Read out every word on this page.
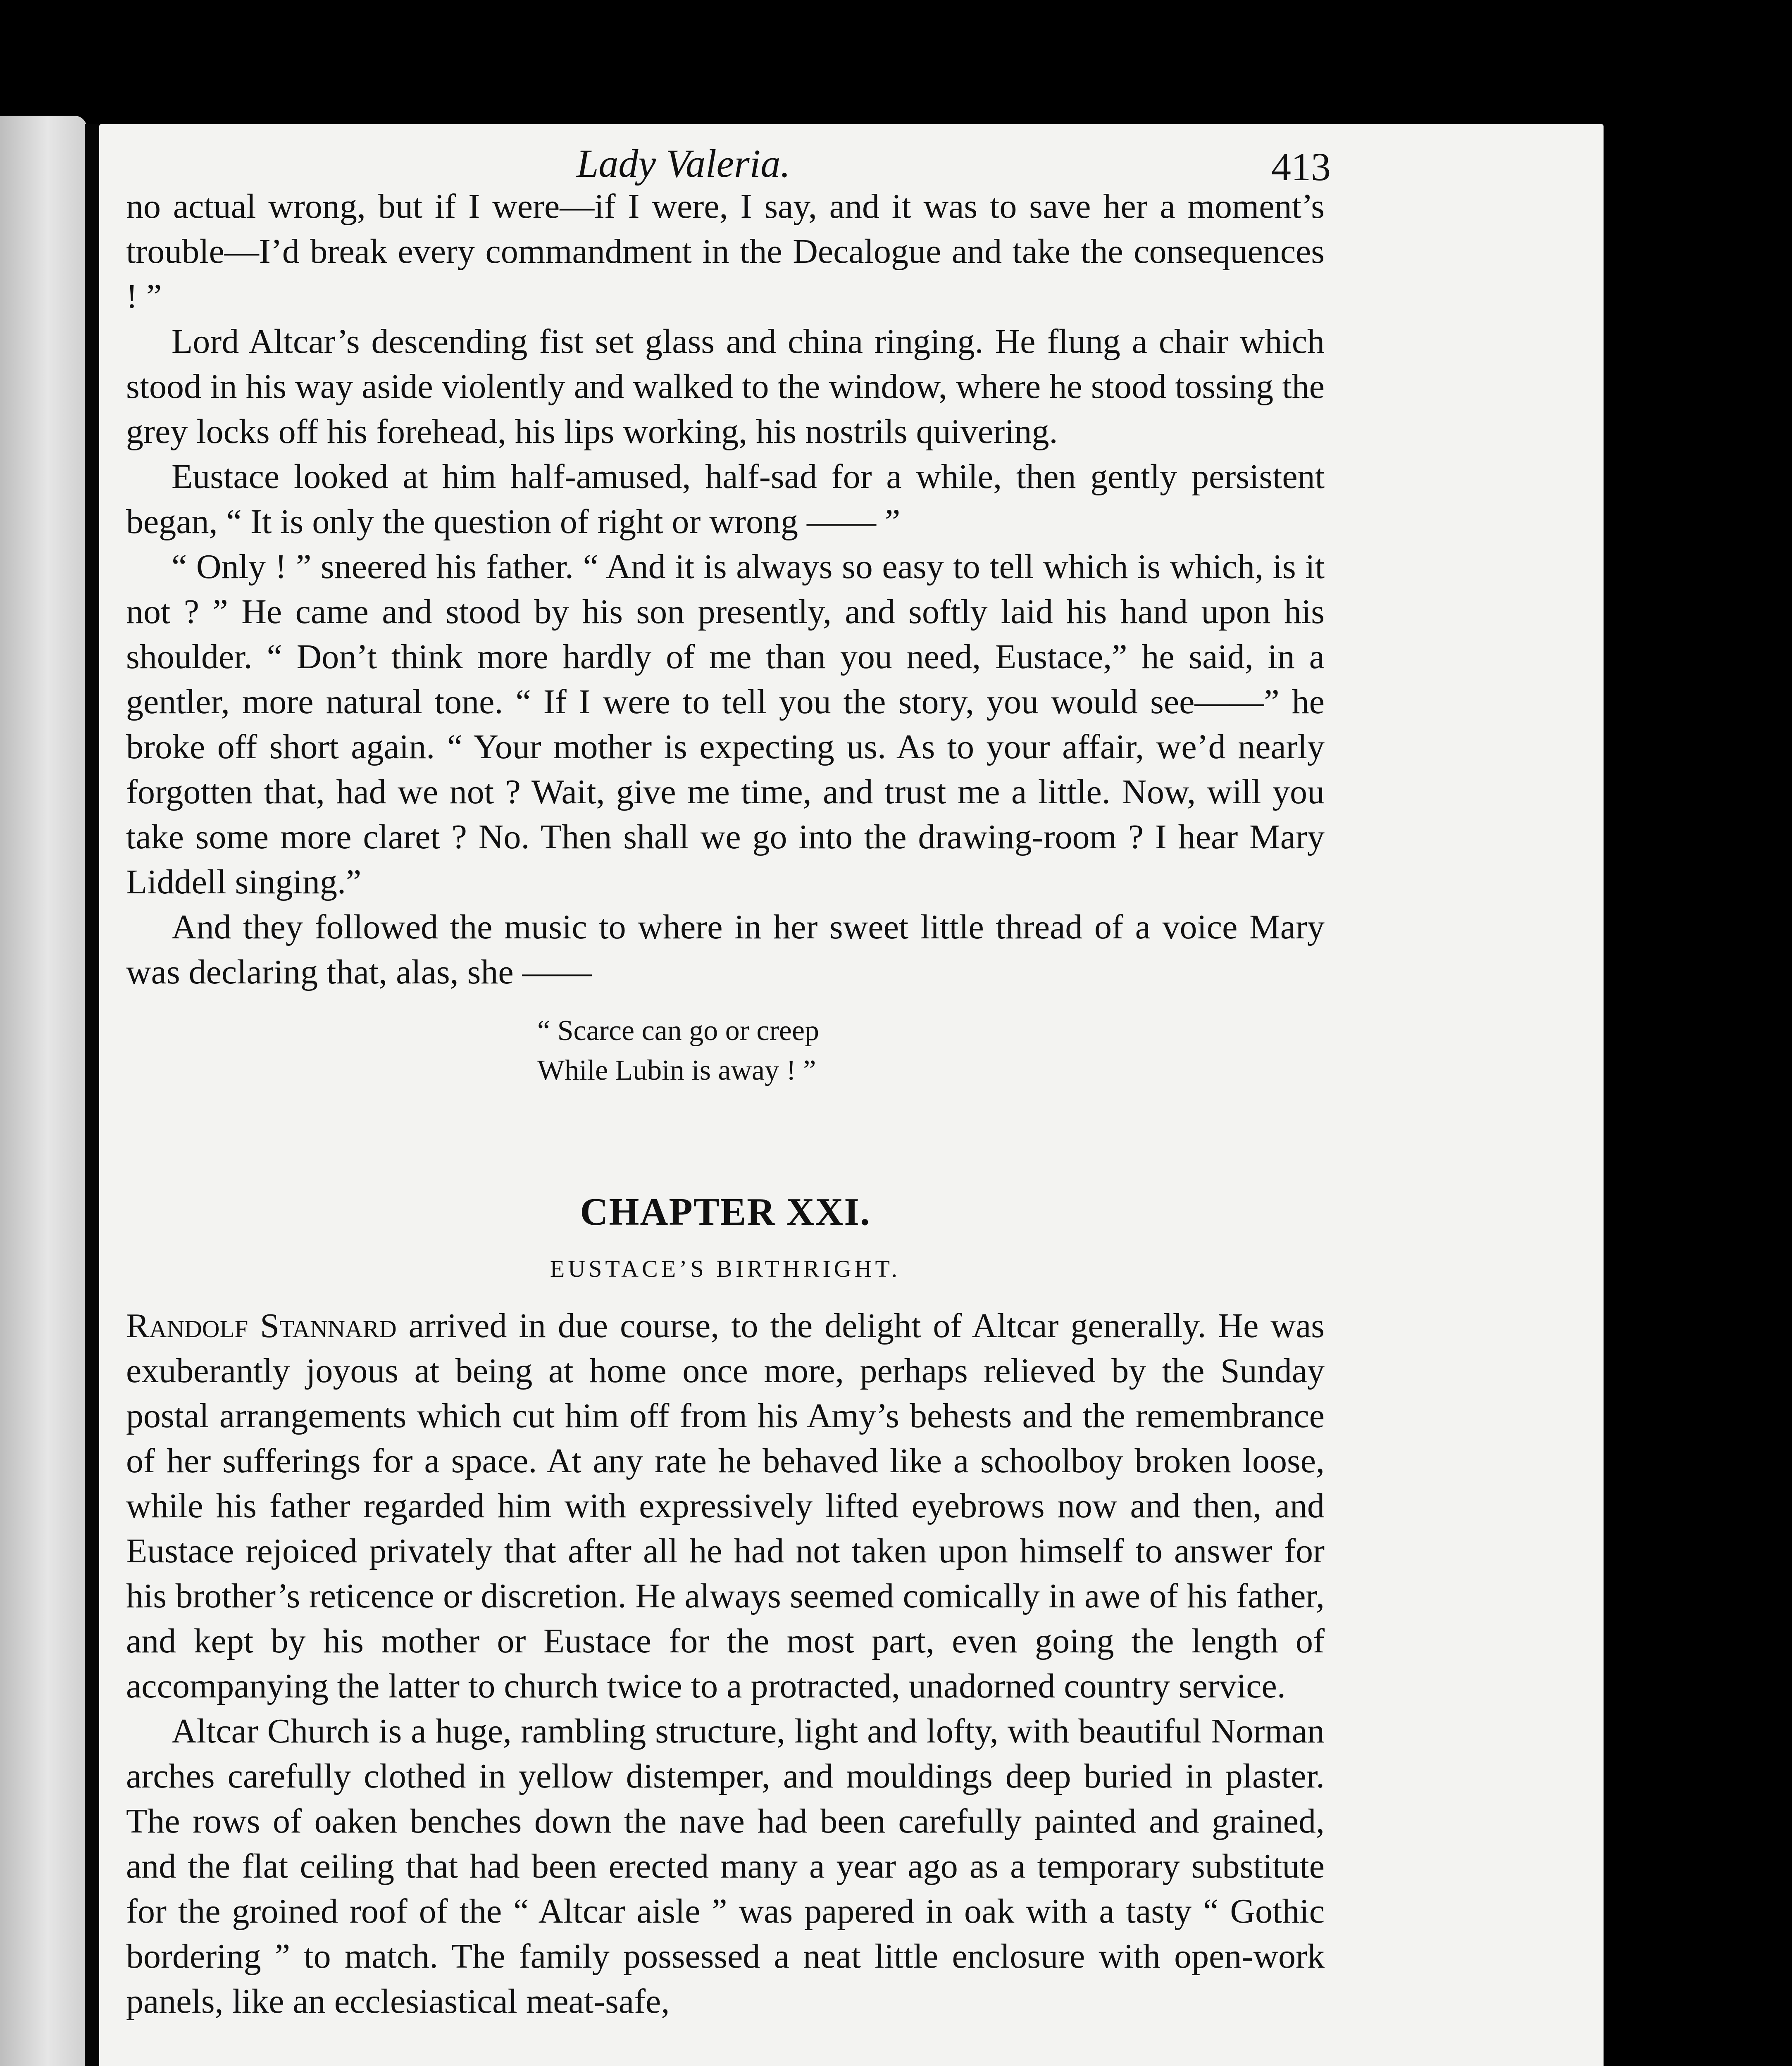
Lady Valeria.	413

no actual wrong, but if I were—if I were, I say, and it was to save her a moment’s trouble—I’d break every commandment in the Decalogue and take the consequences ! ”

Lord Altcar’s descending fist set glass and china ringing. He flung a chair which stood in his way aside violently and walked to the window, where he stood tossing the grey locks off his forehead, his lips working, his nostrils quivering.

Eustace looked at him half-amused, half-sad for a while, then gently persistent began, “ It is only the question of right or wrong —— ”

“ Only ! ” sneered his father. “ And it is always so easy to tell which is which, is it not ? ” He came and stood by his son presently, and softly laid his hand upon his shoulder. “ Don’t think more hardly of me than you need, Eustace,” he said, in a gentler, more natural tone. “ If I were to tell you the story, you would see——” he broke off short again. “ Your mother is expecting us. As to your affair, we’d nearly forgotten that, had we not ? Wait, give me time, and trust me a little. Now, will you take some more claret ? No. Then shall we go into the drawing-room ? I hear Mary Liddell singing.”

And they followed the music to where in her sweet little thread of a voice Mary was declaring that, alas, she ——

“ Scarce can go or creep
While Lubin is away ! ”
CHAPTER XXI.
EUSTACE’S BIRTHRIGHT.

Randolf Stannard arrived in due course, to the delight of Altcar generally. He was exuberantly joyous at being at home once more, perhaps relieved by the Sunday postal arrangements which cut him off from his Amy’s behests and the remembrance of her sufferings for a space. At any rate he behaved like a schoolboy broken loose, while his father regarded him with expressively lifted eyebrows now and then, and Eustace rejoiced privately that after all he had not taken upon himself to answer for his brother’s reticence or discretion. He always seemed comically in awe of his father, and kept by his mother or Eustace for the most part, even going the length of accompanying the latter to church twice to a protracted, unadorned country service.

Altcar Church is a huge, rambling structure, light and lofty, with beautiful Norman arches carefully clothed in yellow distemper, and mouldings deep buried in plaster. The rows of oaken benches down the nave had been carefully painted and grained, and the flat ceiling that had been erected many a year ago as a temporary substitute for the groined roof of the “ Altcar aisle ” was papered in oak with a tasty “ Gothic bordering ” to match. The family possessed a neat little enclosure with open-work panels, like an ecclesiastical meat-safe,
